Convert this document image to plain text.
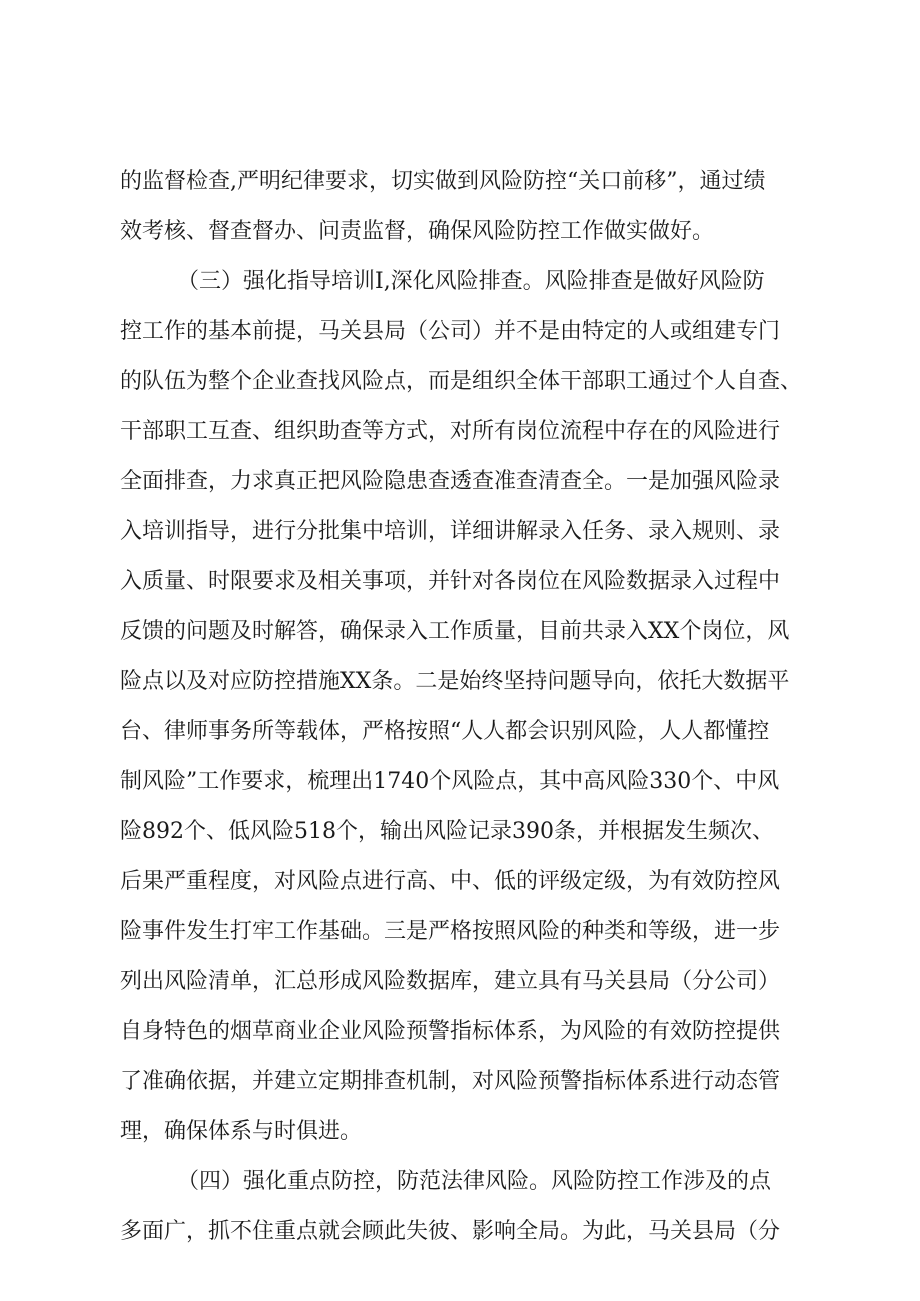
的监督检查,严明纪律要求，切实做到风险防控“关口前移”，通过绩
效考核、督查督办、问责监督，确保风险防控工作做实做好。
（三）强化指导培训I,深化风险排查。风险排查是做好风险防
控工作的基本前提，马关县局（公司）并不是由特定的人或组建专门
的队伍为整个企业查找风险点，而是组织全体干部职工通过个人自查、
干部职工互查、组织助查等方式，对所有岗位流程中存在的风险进行
全面排查，力求真正把风险隐患查透查准查清查全。一是加强风险录
入培训指导，进行分批集中培训，详细讲解录入任务、录入规则、录
入质量、时限要求及相关事项，并针对各岗位在风险数据录入过程中
反馈的问题及时解答，确保录入工作质量，目前共录入XX个岗位，风
险点以及对应防控措施XX条。二是始终坚持问题导向，依托大数据平
台、律师事务所等载体，严格按照“人人都会识别风险，人人都懂控
制风险”工作要求，梳理出1740个风险点，其中高风险330个、中风
险892个、低风险518个，输出风险记录390条，并根据发生频次、
后果严重程度，对风险点进行高、中、低的评级定级，为有效防控风
险事件发生打牢工作基础。三是严格按照风险的种类和等级，进一步
列出风险清单，汇总形成风险数据库，建立具有马关县局（分公司）
自身特色的烟草商业企业风险预警指标体系，为风险的有效防控提供
了准确依据，并建立定期排查机制，对风险预警指标体系进行动态管
理，确保体系与时俱进。
（四）强化重点防控，防范法律风险。风险防控工作涉及的点
多面广，抓不住重点就会顾此失彼、影响全局。为此，马关县局（分
